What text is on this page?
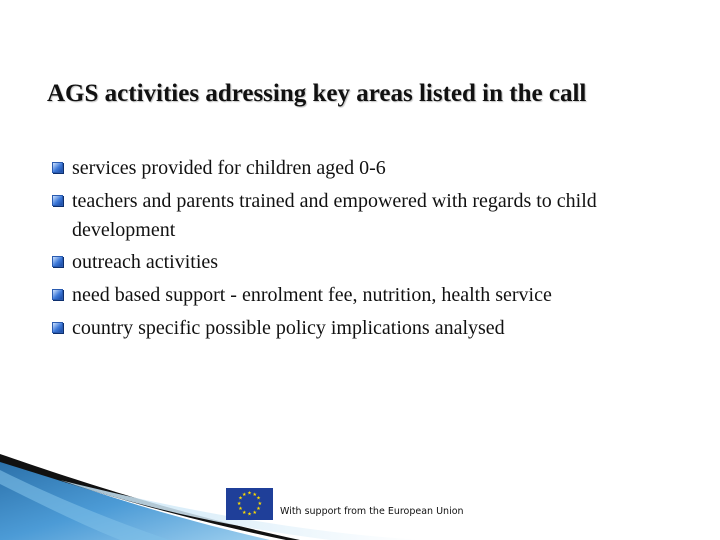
AGS activities adressing key areas listed in the call
services provided for children aged 0-6
teachers and parents trained and empowered with regards to child development
outreach activities
need based support - enrolment fee, nutrition, health service
country specific possible policy implications analysed
★ ★
★
★
★
★
★
★
★
★
★
★
With support from the European Union
